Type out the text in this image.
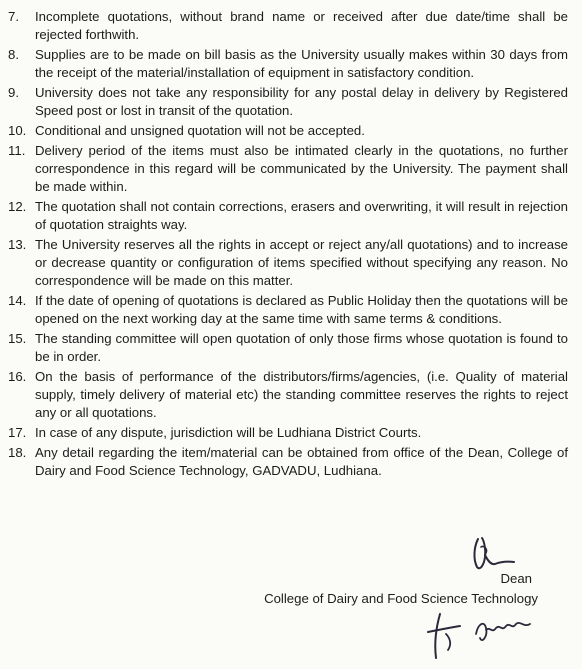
7.	Incomplete quotations, without brand name or received after due date/time shall be rejected forthwith.
8.	Supplies are to be made on bill basis as the University usually makes within 30 days from the receipt of the material/installation of equipment in satisfactory condition.
9.	University does not take any responsibility for any postal delay in delivery by Registered Speed post or lost in transit of the quotation.
10. Conditional and unsigned quotation will not be accepted.
11. Delivery period of the items must also be intimated clearly in the quotations, no further correspondence in this regard will be communicated by the University. The payment shall be made within.
12. The quotation shall not contain corrections, erasers and overwriting, it will result in rejection of quotation straights way.
13. The University reserves all the rights in accept or reject any/all quotations) and to increase or decrease quantity or configuration of items specified without specifying any reason. No correspondence will be made on this matter.
14. If the date of opening of quotations is declared as Public Holiday then the quotations will be opened on the next working day at the same time with same terms & conditions.
15. The standing committee will open quotation of only those firms whose quotation is found to be in order.
16. On the basis of performance of the distributors/firms/agencies, (i.e. Quality of material supply, timely delivery of material etc) the standing committee reserves the rights to reject any or all quotations.
17. In case of any dispute, jurisdiction will be Ludhiana District Courts.
18. Any detail regarding the item/material can be obtained from office of the Dean, College of Dairy and Food Science Technology, GADVADU, Ludhiana.
Dean
College of Dairy and Food Science Technology
